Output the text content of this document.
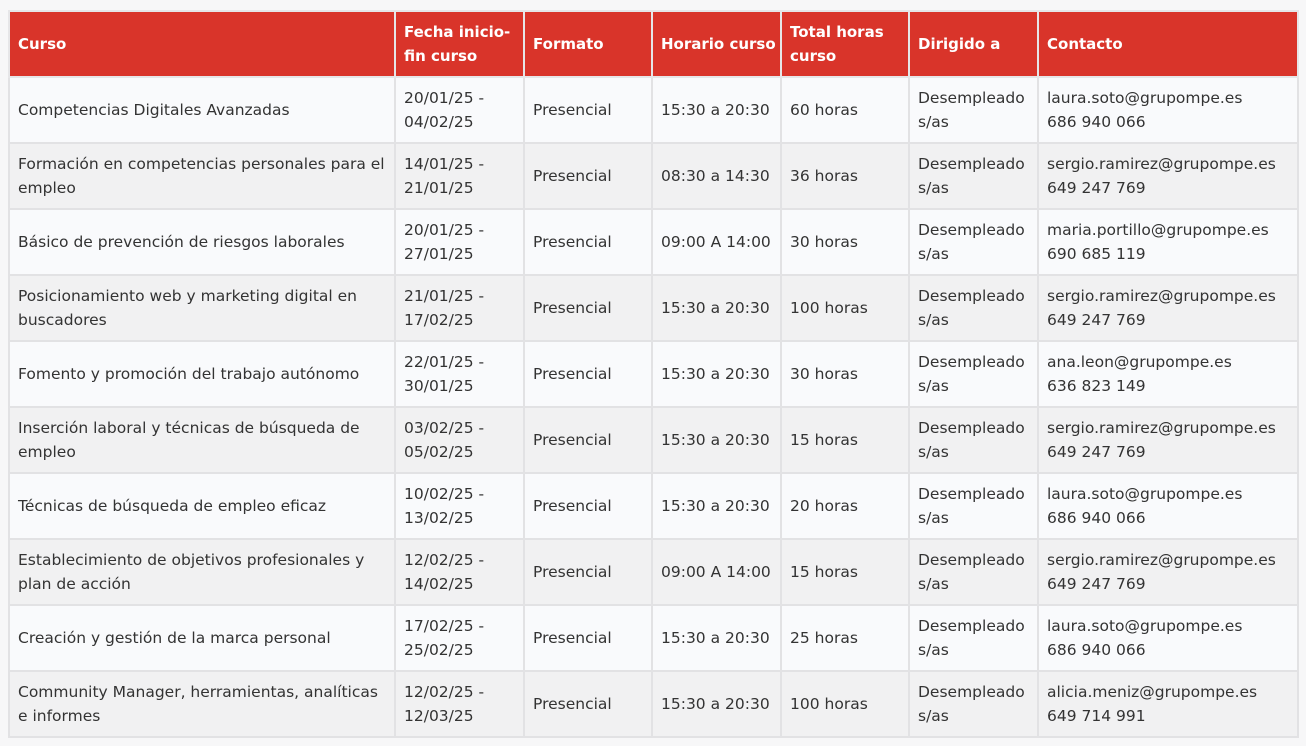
Curso	Fecha inicio-
fin curso	Formato	Horario curso	Total horas
curso	Dirigido a	Contacto

Competencias Digitales Avanzadas	20/01/25 -
04/02/25	Presencial	15:30 a 20:30	60 horas	Desempleado
s/as	laura.soto@grupompe.es
686 940 066

Formación en competencias personales para el empleo	14/01/25 -
21/01/25	Presencial	08:30 a 14:30	36 horas	Desempleado
s/as	sergio.ramirez@grupompe.es
649 247 769

Básico de prevención de riesgos laborales	20/01/25 -
27/01/25	Presencial	09:00 A 14:00	30 horas	Desempleado
s/as	maria.portillo@grupompe.es
690 685 119

Posicionamiento web y marketing digital en buscadores	21/01/25 -
17/02/25	Presencial	15:30 a 20:30	100 horas	Desempleado
s/as	sergio.ramirez@grupompe.es
649 247 769

Fomento y promoción del trabajo autónomo	22/01/25 -
30/01/25	Presencial	15:30 a 20:30	30 horas	Desempleado
s/as	ana.leon@grupompe.es
636 823 149

Inserción laboral y técnicas de búsqueda de empleo	03/02/25 -
05/02/25	Presencial	15:30 a 20:30	15 horas	Desempleado
s/as	sergio.ramirez@grupompe.es
649 247 769

Técnicas de búsqueda de empleo eficaz	10/02/25 -
13/02/25	Presencial	15:30 a 20:30	20 horas	Desempleado
s/as	laura.soto@grupompe.es
686 940 066

Establecimiento de objetivos profesionales y plan de acción	12/02/25 -
14/02/25	Presencial	09:00 A 14:00	15 horas	Desempleado
s/as	sergio.ramirez@grupompe.es
649 247 769

Creación y gestión de la marca personal	17/02/25 -
25/02/25	Presencial	15:30 a 20:30	25 horas	Desempleado
s/as	laura.soto@grupompe.es
686 940 066

Community Manager, herramientas, analíticas e informes	12/02/25 -
12/03/25	Presencial	15:30 a 20:30	100 horas	Desempleado
s/as	alicia.meniz@grupompe.es
649 714 991
